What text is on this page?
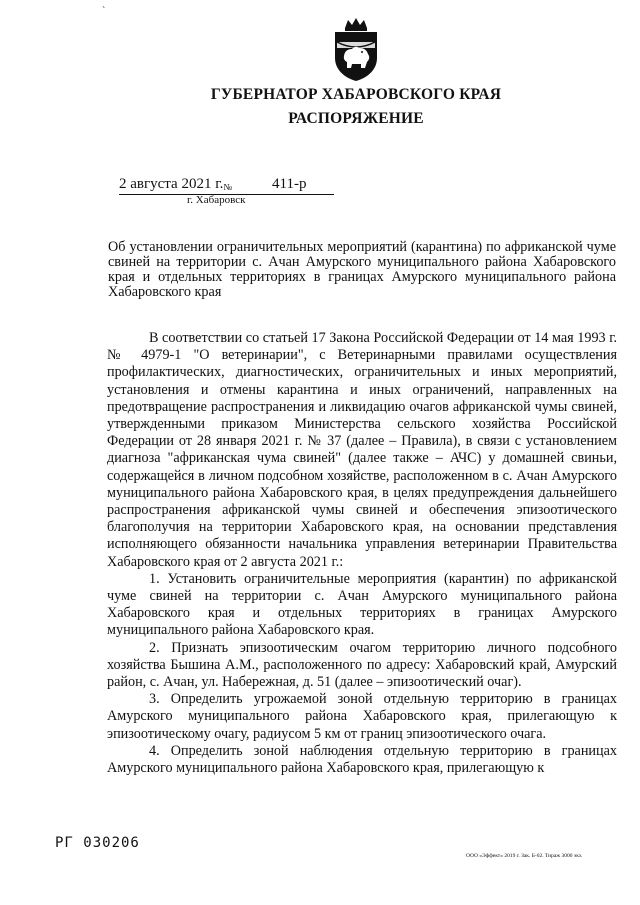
`
ГУБЕРНАТОР ХАБАРОВСКОГО КРАЯ
РАСПОРЯЖЕНИЕ
2 августа 2021 г.№	411-р
г. Хабаровск
Об установлении ограничительных мероприятий (карантина) по африканской чуме свиней на территории с. Ачан Амурского муниципального района Хабаровского края и отдельных территориях в границах Амурского муниципального района Хабаровского края

В соответствии со статьей 17 Закона Российской Федерации от 14 мая 1993 г. № 4979-1 "О ветеринарии", с Ветеринарными правилами осуществления профилактических, диагностических, ограничительных и иных мероприятий, установления и отмены карантина и иных ограничений, направленных на предотвращение распространения и ликвидацию очагов африканской чумы свиней, утвержденными приказом Министерства сельского хозяйства Российской Федерации от 28 января 2021 г. № 37 (далее – Правила), в связи с установлением диагноза "африканская чума свиней" (далее также – АЧС) у домашней свиньи, содержащейся в личном подсобном хозяйстве, расположенном в с. Ачан Амурского муниципального района Хабаровского края, в целях предупреждения дальнейшего распространения африканской чумы свиней и обеспечения эпизоотического благополучия на территории Хабаровского края, на основании представления исполняющего обязанности начальника управления ветеринарии Правительства Хабаровского края от 2 августа 2021 г.:

1. Установить ограничительные мероприятия (карантин) по африканской чуме свиней на территории с. Ачан Амурского муниципального района Хабаровского края и отдельных территориях в границах Амурского муниципального района Хабаровского края.

2. Признать эпизоотическим очагом территорию личного подсобного хозяйства Бышина А.М., расположенного по адресу: Хабаровский край, Амурский район, с. Ачан, ул. Набережная, д. 51 (далее – эпизоотический очаг).

3. Определить угрожаемой зоной отдельную территорию в границах Амурского муниципального района Хабаровского края, прилегающую к эпизоотическому очагу, радиусом 5 км от границ эпизоотического очага.

4. Определить зоной наблюдения отдельную территорию в границах Амурского муниципального района Хабаровского края, прилегающую к

РГ 030206
ООО «Эффект» 2019 г. Зак. Б-02. Тираж 3000 экз.
